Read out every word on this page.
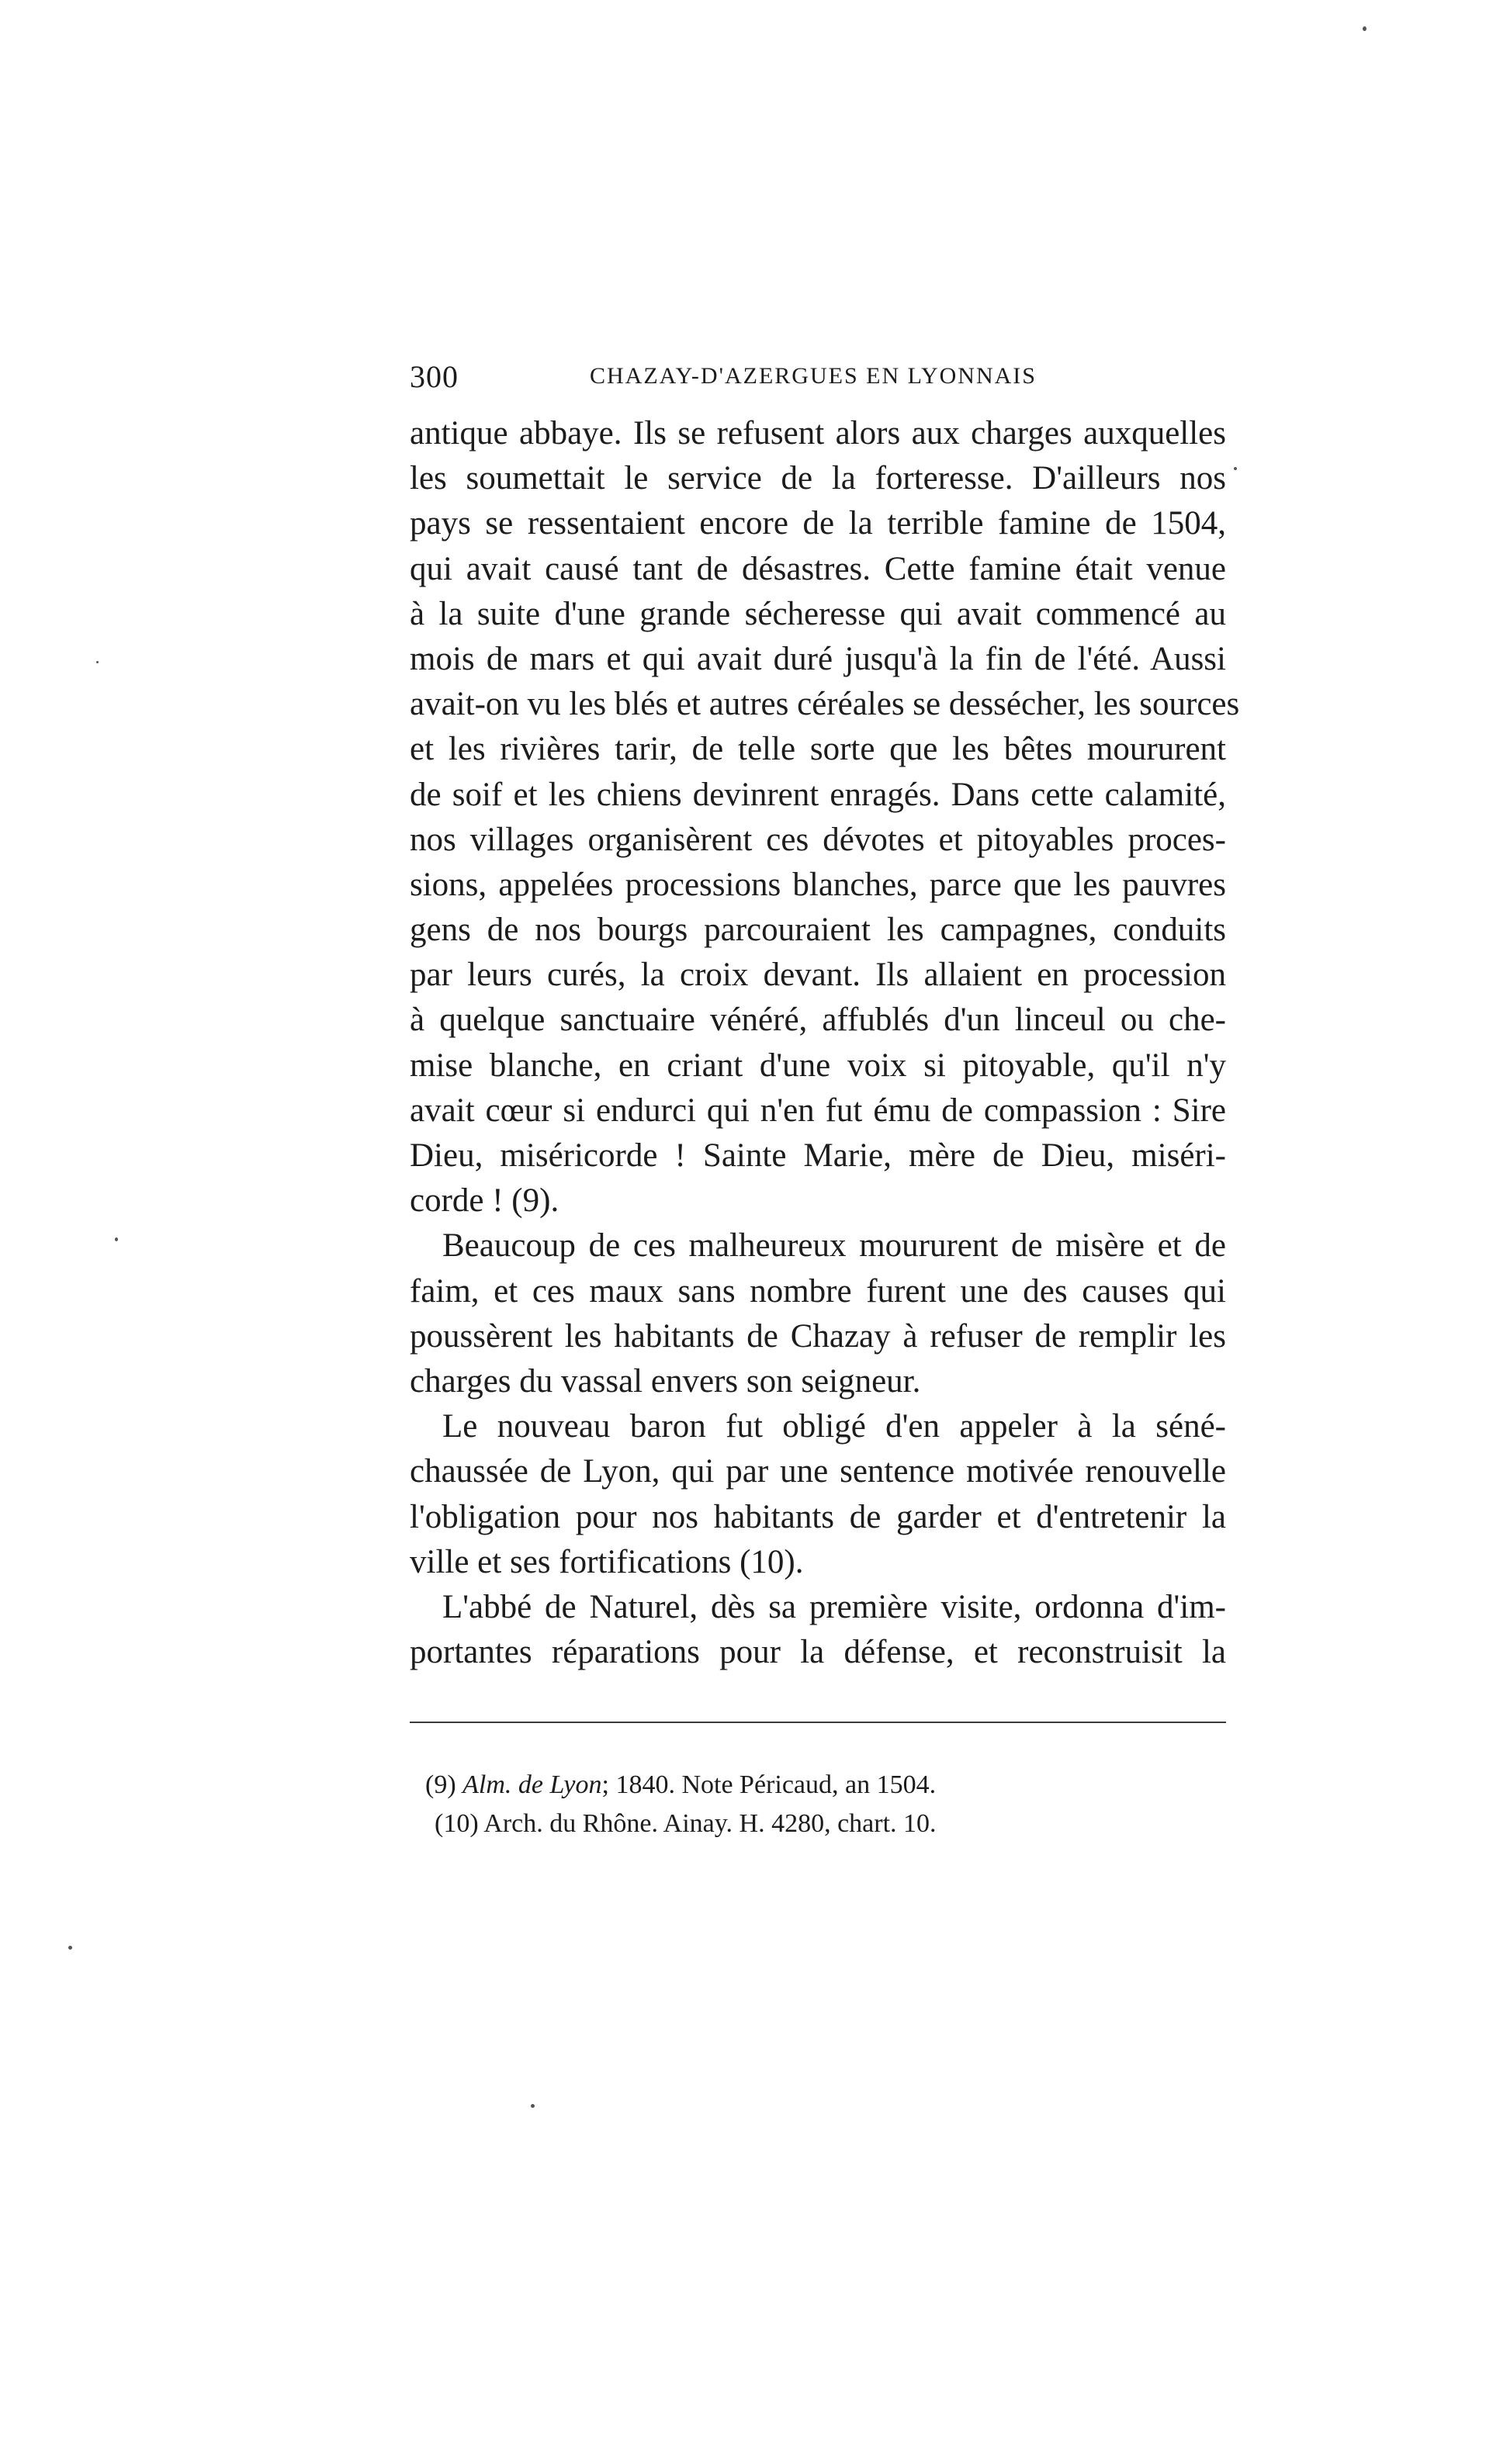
300	CHAZAY-D'AZERGUES EN LYONNAIS
antique abbaye. Ils se refusent alors aux charges auxquelles
les soumettait le service de la forteresse. D'ailleurs nos
pays se ressentaient encore de la terrible famine de 1504,
qui avait causé tant de désastres. Cette famine était venue
à la suite d'une grande sécheresse qui avait commencé au
mois de mars et qui avait duré jusqu'à la fin de l'été. Aussi
avait-on vu les blés et autres céréales se dessécher, les sources
et les rivières tarir, de telle sorte que les bêtes moururent
de soif et les chiens devinrent enragés. Dans cette calamité,
nos villages organisèrent ces dévotes et pitoyables proces-
sions, appelées processions blanches, parce que les pauvres
gens de nos bourgs parcouraient les campagnes, conduits
par leurs curés, la croix devant. Ils allaient en procession
à quelque sanctuaire vénéré, affublés d'un linceul ou che-
mise blanche, en criant d'une voix si pitoyable, qu'il n'y
avait cœur si endurci qui n'en fut ému de compassion : Sire
Dieu, miséricorde ! Sainte Marie, mère de Dieu, miséri-
corde ! (9).
Beaucoup de ces malheureux moururent de misère et de
faim, et ces maux sans nombre furent une des causes qui
poussèrent les habitants de Chazay à refuser de remplir les
charges du vassal envers son seigneur.
Le nouveau baron fut obligé d'en appeler à la séné-
chaussée de Lyon, qui par une sentence motivée renouvelle
l'obligation pour nos habitants de garder et d'entretenir la
ville et ses fortifications (10).
L'abbé de Naturel, dès sa première visite, ordonna d'im-
portantes réparations pour la défense, et reconstruisit la
(9) Alm. de Lyon; 1840. Note Péricaud, an 1504.
(10) Arch. du Rhône. Ainay. H. 4280, chart. 10.
